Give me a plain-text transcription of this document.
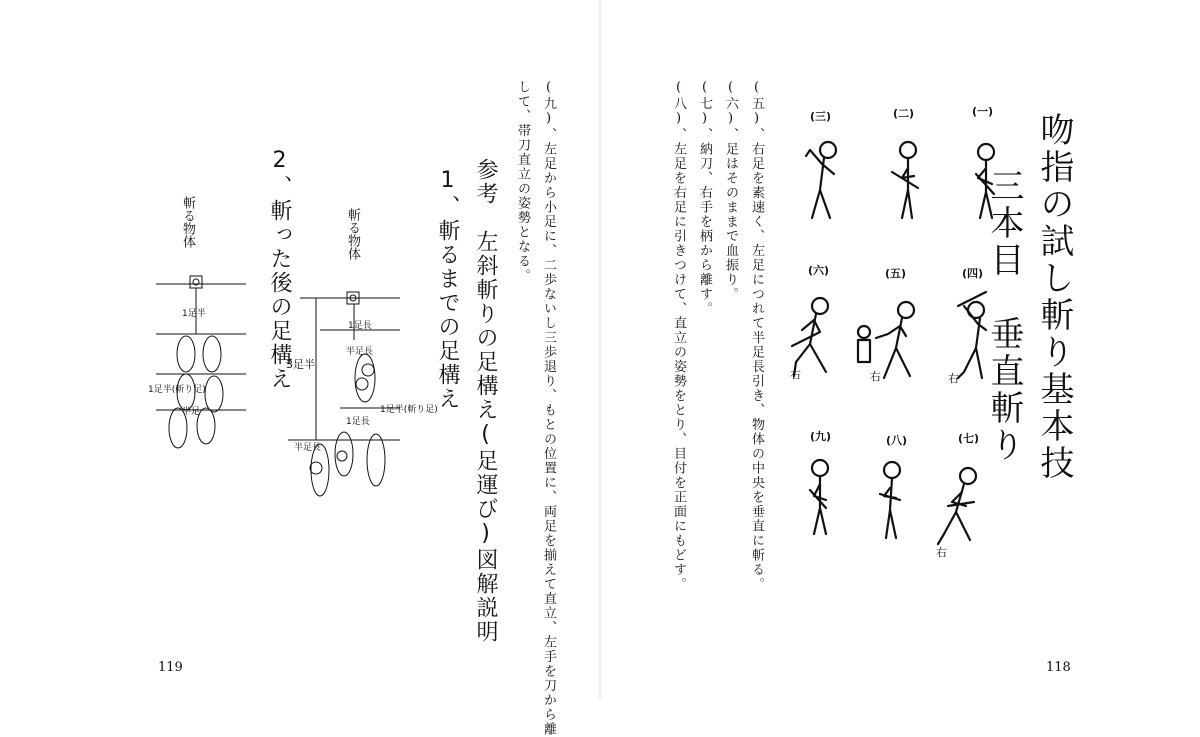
吻指の試し斬り基本技
三本目　垂直斬り
(一)
(二)
(三)
(四)
(五)
(六)
(七)
(八)
(九)
右
右
右
右
(五)、右足を素速く、左足につれて半足長引き、物体の中央を垂直に斬る。
(六)、足はそのままで血振り。
(七)、納刀、右手を柄から離す。
(八)、左足を右足に引きつけて、直立の姿勢をとり、目付を正面にもどす。
118
(九)、左足から小足に、二歩ないし三歩退り、もとの位置に、両足を揃えて直立、左手を刀から離
して、帯刀直立の姿勢となる。
参考　左斜斬りの足構え(足運び)図解説明
1、斬るまでの足構え
2、斬った後の足構え	斬る物体
斬る物体
1足長
半足長
3足半
1足半(斬り足)
1足長
半足長
1足半
1足半(斬り足)
半足
119
